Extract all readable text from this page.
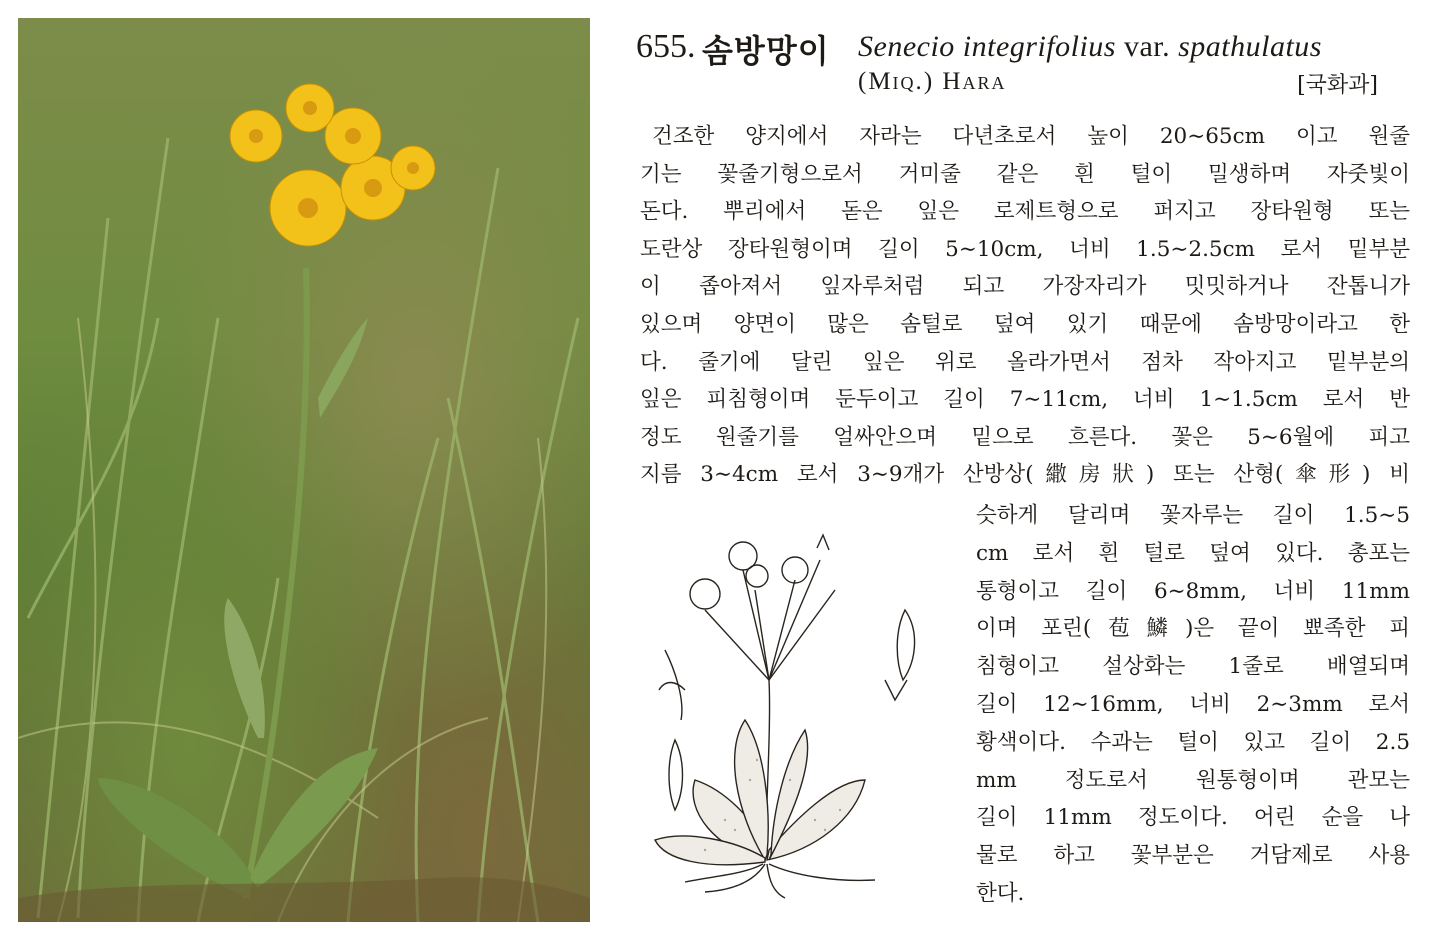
655. 솜방망이 Senecio integrifolius var. spathulatus
(Miq.) Hara	[국화과]
건조한 양지에서 자라는 다년초로서 높이 20∼65cm 이고 원줄
기는 꽃줄기형으로서 거미줄 같은 흰 털이 밀생하며 자줏빛이
돈다. 뿌리에서 돋은 잎은 로제트형으로 퍼지고 장타원형 또는
도란상 장타원형이며 길이 5∼10cm, 너비 1.5∼2.5cm 로서 밑부분
이 좁아져서 잎자루처럼 되고 가장자리가 밋밋하거나 잔톱니가
있으며 양면이 많은 솜털로 덮여 있기 때문에 솜방망이라고 한
다. 줄기에 달린 잎은 위로 올라가면서 점차 작아지고 밑부분의
잎은 피침형이며 둔두이고 길이 7∼11cm, 너비 1∼1.5cm 로서 반
정도 원줄기를 얼싸안으며 밑으로 흐른다. 꽃은 5∼6월에 피고
지름 3∼4cm 로서 3∼9개가 산방상(繖房狀) 또는 산형(傘形) 비
슷하게 달리며 꽃자루는 길이 1.5∼5
cm 로서 흰 털로 덮여 있다. 총포는
통형이고 길이 6∼8mm, 너비 11mm
이며 포린(苞鱗)은 끝이 뾰족한 피
침형이고 설상화는 1줄로 배열되며
길이 12∼16mm, 너비 2∼3mm 로서
황색이다. 수과는 털이 있고 길이 2.5
mm 정도로서 원통형이며 관모는
길이 11mm 정도이다. 어린 순을 나
물로 하고 꽃부분은 거담제로 사용
한다.
